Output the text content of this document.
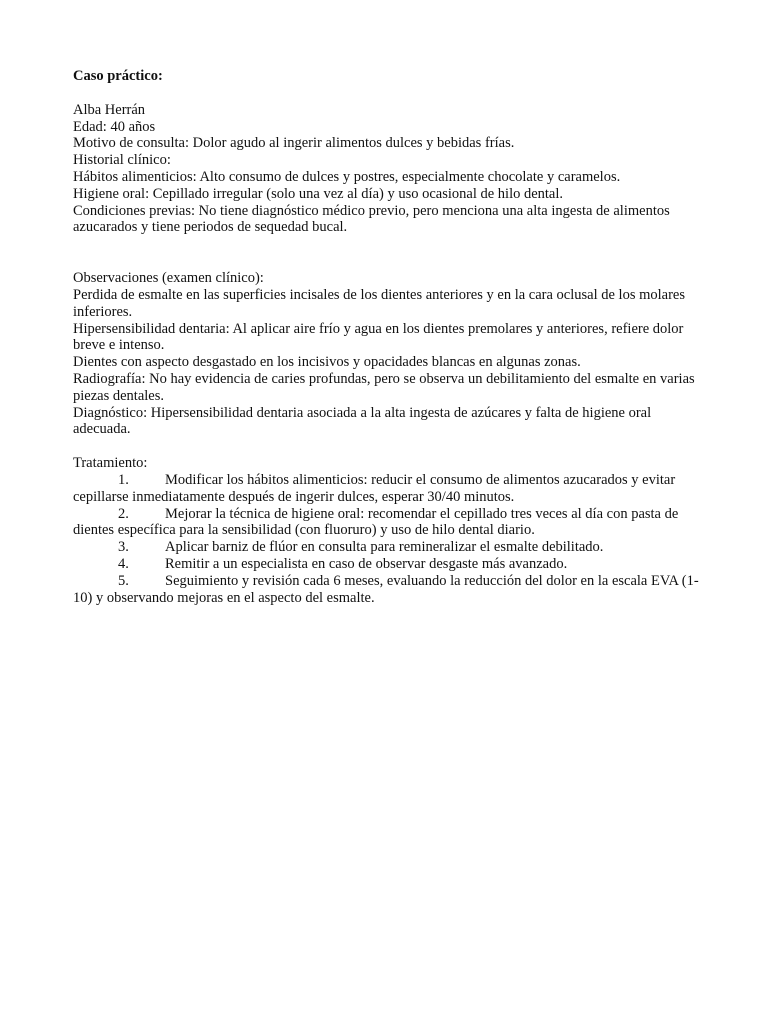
Caso práctico:

Alba Herrán

Edad: 40 años

Motivo de consulta: Dolor agudo al ingerir alimentos dulces y bebidas frías.

Historial clínico:

Hábitos alimenticios: Alto consumo de dulces y postres, especialmente chocolate y caramelos.

Higiene oral: Cepillado irregular (solo una vez al día) y uso ocasional de hilo dental.

Condiciones previas: No tiene diagnóstico médico previo, pero menciona una alta ingesta de alimentos azucarados y tiene periodos de sequedad bucal.

Observaciones (examen clínico):

Perdida de esmalte en las superficies incisales de los dientes anteriores y en la cara oclusal de los molares inferiores.

Hipersensibilidad dentaria: Al aplicar aire frío y agua en los dientes premolares y anteriores, refiere dolor breve e intenso.

Dientes con aspecto desgastado en los incisivos y opacidades blancas en algunas zonas.

Radiografía: No hay evidencia de caries profundas, pero se observa un debilitamiento del esmalte en varias piezas dentales.

Diagnóstico: Hipersensibilidad dentaria asociada a la alta ingesta de azúcares y falta de higiene oral adecuada.

Tratamiento:

1. Modificar los hábitos alimenticios: reducir el consumo de alimentos azucarados y evitar cepillarse inmediatamente después de ingerir dulces, esperar 30/40 minutos.

2. Mejorar la técnica de higiene oral: recomendar el cepillado tres veces al día con pasta de dientes específica para la sensibilidad (con fluoruro) y uso de hilo dental diario.

3. Aplicar barniz de flúor en consulta para remineralizar el esmalte debilitado.

4. Remitir a un especialista en caso de observar desgaste más avanzado.

5. Seguimiento y revisión cada 6 meses, evaluando la reducción del dolor en la escala EVA (1-10) y observando mejoras en el aspecto del esmalte.
